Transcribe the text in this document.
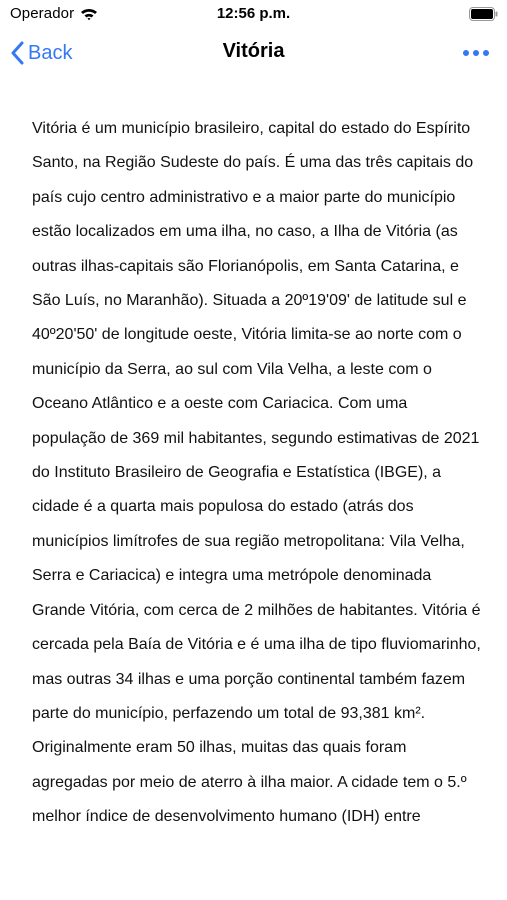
Operador	12:56 p.m.
Back	Vitória

Vitória é um município brasileiro, capital do estado do Espírito Santo, na Região Sudeste do país. É uma das três capitais do país cujo centro administrativo e a maior parte do município estão localizados em uma ilha, no caso, a Ilha de Vitória (as outras ilhas-capitais são Florianópolis, em Santa Catarina, e São Luís, no Maranhão). Situada a 20º19'09' de latitude sul e 40º20'50' de longitude oeste, Vitória limita-se ao norte com o município da Serra, ao sul com Vila Velha, a leste com o Oceano Atlântico e a oeste com Cariacica. Com uma população de 369 mil habitantes, segundo estimativas de 2021 do Instituto Brasileiro de Geografia e Estatística (IBGE), a cidade é a quarta mais populosa do estado (atrás dos municípios limítrofes de sua região metropolitana: Vila Velha, Serra e Cariacica) e integra uma metrópole denominada Grande Vitória, com cerca de 2 milhões de habitantes. Vitória é cercada pela Baía de Vitória e é uma ilha de tipo fluviomarinho, mas outras 34 ilhas e uma porção continental também fazem parte do município, perfazendo um total de 93,381 km². Originalmente eram 50 ilhas, muitas das quais foram agregadas por meio de aterro à ilha maior. A cidade tem o 5.º melhor índice de desenvolvimento humano (IDH) entre
